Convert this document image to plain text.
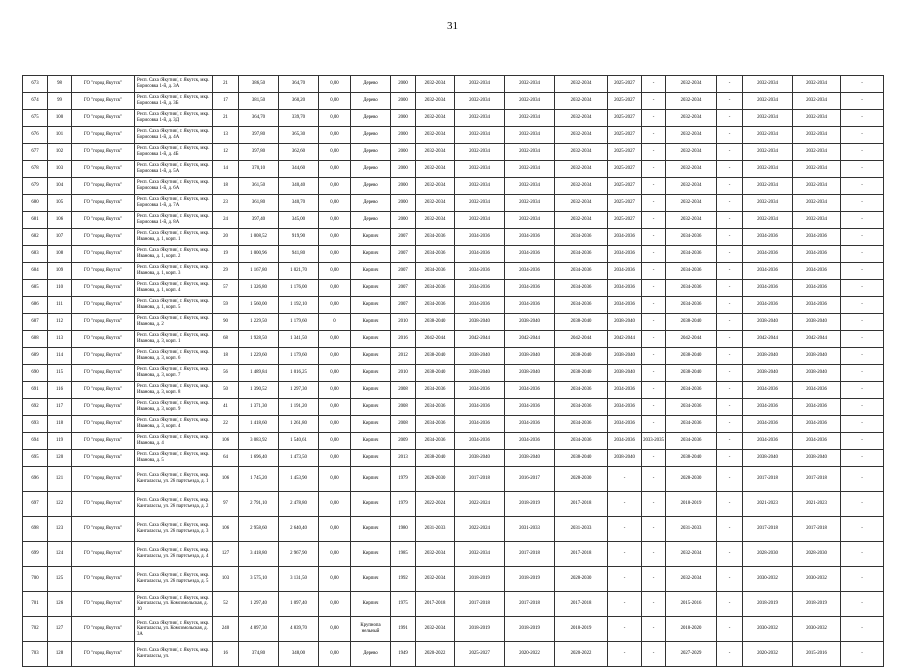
31
673	98	ГО "город Якутск"	Респ. Саха /Якутия/, г. Якутск, мкр. Борисовка 1-й, д. 3А	21	386,50	364,70	0,00	Дерево	2000	2032-2034	2032-2034	2032-2034	2032-2034	2025-2027	-	2032-2034	-	2032-2034	2032-2034	-
674	99	ГО "город Якутск"	Респ. Саха /Якутия/, г. Якутск, мкр. Борисовка 1-й, д. 3Б	17	381,50	360,20	0,00	Дерево	2000	2032-2034	2032-2034	2032-2034	2032-2034	2025-2027	-	2032-2034	-	2032-2034	2032-2034	-
675	100	ГО "город Якутск"	Респ. Саха /Якутия/, г. Якутск, мкр. Борисовка 1-й, д. 3Д	21	364,70	339,70	0,00	Дерево	2000	2032-2034	2032-2034	2032-2034	2032-2034	2025-2027	-	2032-2034	-	2032-2034	2032-2034	-
676	101	ГО "город Якутск"	Респ. Саха /Якутия/, г. Якутск, мкр. Борисовка 1-й, д. 4А	13	397,80	365,30	0,00	Дерево	2000	2032-2034	2032-2034	2032-2034	2032-2034	2025-2027	-	2032-2034	-	2032-2034	2032-2034	-
677	102	ГО "город Якутск"	Респ. Саха /Якутия/, г. Якутск, мкр. Борисовка 1-й, д. 4Б	12	397,80	362,60	0,00	Дерево	2000	2032-2034	2032-2034	2032-2034	2032-2034	2025-2027	-	2032-2034	-	2032-2034	2032-2034	-
678	103	ГО "город Якутск"	Респ. Саха /Якутия/, г. Якутск, мкр. Борисовка 1-й, д. 5А	14	370,10	344,60	0,00	Дерево	2000	2032-2034	2032-2034	2032-2034	2032-2034	2025-2027	-	2032-2034	-	2032-2034	2032-2034	-
679	104	ГО "город Якутск"	Респ. Саха /Якутия/, г. Якутск, мкр. Борисовка 1-й, д. 6А	18	361,50	340,40	0,00	Дерево	2000	2032-2034	2032-2034	2032-2034	2032-2034	2025-2027	-	2032-2034	-	2032-2034	2032-2034	-
680	105	ГО "город Якутск"	Респ. Саха /Якутия/, г. Якутск, мкр. Борисовка 1-й, д. 7А	23	361,80	340,70	0,00	Дерево	2000	2032-2034	2032-2034	2032-2034	2032-2034	2025-2027	-	2032-2034	-	2032-2034	2032-2034	-
681	106	ГО "город Якутск"	Респ. Саха /Якутия/, г. Якутск, мкр. Борисовка 1-й, д. 8А	24	397,40	345,00	0,00	Дерево	2000	2032-2034	2032-2034	2032-2034	2032-2034	2025-2027	-	2032-2034	-	2032-2034	2032-2034	-
682	107	ГО "город Якутск"	Респ. Саха /Якутия/, г. Якутск, мкр. Иванова, д. 1, корп. 1	20	1 008,52	919,90	0,00	Кирпич	2007	2034-2036	2034-2036	2034-2036	2034-2036	2034-2036	-	2034-2036	-	2034-2036	2034-2036	-
683	108	ГО "город Якутск"	Респ. Саха /Якутия/, г. Якутск, мкр. Иванова, д. 1, корп. 2	19	1 000,96	941,80	0,00	Кирпич	2007	2034-2036	2034-2036	2034-2036	2034-2036	2034-2036	-	2034-2036	-	2034-2036	2034-2036	-
684	109	ГО "город Якутск"	Респ. Саха /Якутия/, г. Якутск, мкр. Иванова, д. 1, корп. 3	29	1 167,80	1 021,70	0,00	Кирпич	2007	2034-2036	2034-2036	2034-2036	2034-2036	2034-2036	-	2034-2036	-	2034-2036	2034-2036	-
685	110	ГО "город Якутск"	Респ. Саха /Якутия/, г. Якутск, мкр. Иванова, д. 1, корп. 4	57	1 326,80	1 176,00	0,00	Кирпич	2007	2034-2036	2034-2036	2034-2036	2034-2036	2034-2036	-	2034-2036	-	2034-2036	2034-2036	-
686	111	ГО "город Якутск"	Респ. Саха /Якутия/, г. Якутск, мкр. Иванова, д. 1, корп. 5	59	1 560,00	1 192,10	0,00	Кирпич	2007	2034-2036	2034-2036	2034-2036	2034-2036	2034-2036	-	2034-2036	-	2034-2036	2034-2036	-
687	112	ГО "город Якутск"	Респ. Саха /Якутия/, г. Якутск, мкр. Иванова, д. 2	90	1 229,50	1 179,60	0	Кирпич	2010	2038-2040	2038-2040	2038-2040	2038-2040	2038-2040	-	2038-2040	-	2038-2040	2038-2040	-
688	113	ГО "город Якутск"	Респ. Саха /Якутия/, г. Якутск, мкр. Иванова, д. 3, корп. 1	68	1 928,50	1 341,50	0,00	Кирпич	2016	2042-2044	2042-2044	2042-2044	2042-2044	2042-2044	-	2042-2044	-	2042-2044	2042-2044	-
689	114	ГО "город Якутск"	Респ. Саха /Якутия/, г. Якутск, мкр. Иванова, д. 3, корп. 6	18	1 229,60	1 179,60	0,00	Кирпич	2012	2038-2040	2038-2040	2038-2040	2038-2040	2038-2040	-	2038-2040	-	2038-2040	2038-2040	-
690	115	ГО "город Якутск"	Респ. Саха /Якутия/, г. Якутск, мкр. Иванова, д. 3, корп. 7	56	1 489,84	1 016,25	0,00	Кирпич	2010	2038-2040	2038-2040	2038-2040	2038-2040	2038-2040	-	2038-2040	-	2038-2040	2038-2040	-
691	116	ГО "город Якутск"	Респ. Саха /Якутия/, г. Якутск, мкр. Иванова, д. 3, корп. 8	50	1 390,52	1 297,30	0,00	Кирпич	2008	2034-2036	2034-2036	2034-2036	2034-2036	2034-2036	-	2034-2036	-	2034-2036	2034-2036	-
692	117	ГО "город Якутск"	Респ. Саха /Якутия/, г. Якутск, мкр. Иванова, д. 3, корп. 9	41	1 371,30	1 191,20	0,00	Кирпич	2008	2034-2036	2034-2036	2034-2036	2034-2036	2034-2036	-	2034-2036	-	2034-2036	2034-2036	-
693	118	ГО "город Якутск"	Респ. Саха /Якутия/, г. Якутск, мкр. Иванова, д. 3, корп. 4	22	1 418,60	1 261,80	0,00	Кирпич	2008	2034-2036	2034-2036	2034-2036	2034-2036	2034-2036	-	2034-2036	-	2034-2036	2034-2036	-
694	119	ГО "город Якутск"	Респ. Саха /Якутия/, г. Якутск, мкр. Иванова, д. 4	106	3 083,92	1 540,61	0,00	Кирпич	2009	2034-2036	2034-2036	2034-2036	2034-2036	2034-2036	2033-2035	2034-2036	-	2034-2036	2034-2036	-
695	120	ГО "город Якутск"	Респ. Саха /Якутия/, г. Якутск, мкр. Иванова, д. 5	64	1 696,40	1 473,50	0,00	Кирпич	2013	2038-2040	2038-2040	2038-2040	2038-2040	2038-2040	-	2038-2040	-	2038-2040	2038-2040	-
696	121	ГО "город Якутск"	Респ. Саха /Якутия/, г. Якутск, мкр. Кангаласcы, ул. 26 партсъезда, д. 1	106	1 745,20	1 453,90	0,00	Кирпич	1979	2028-2030	2017-2018	2016-2017	2028-2030	-	-	2028-2030	-	2017-2018	2017-2018	-
697	122	ГО "город Якутск"	Респ. Саха /Якутия/, г. Якутск, мкр. Кангаласcы, ул. 26 партсъезда, д. 2	97	2 791,10	2 478,80	0,00	Кирпич	1979	2022-2024	2022-2024	2018-2019	2017-2018	-	-	2018-2019	-	2021-2023	2021-2023	-
698	123	ГО "город Якутск"	Респ. Саха /Якутия/, г. Якутск, мкр. Кангаласcы, ул. 26 партсъезда, д. 3	106	2 958,60	2 640,40	0,00	Кирпич	1980	2031-2033	2022-2024	2031-2033	2031-2033	-	-	2031-2033	-	2017-2018	2017-2018	-
699	124	ГО "город Якутск"	Респ. Саха /Якутия/, г. Якутск, мкр. Кангаласcы, ул. 26 партсъезда, д. 4	127	3 418,80	2 967,90	0,00	Кирпич	1985	2032-2034	2032-2034	2017-2018	2017-2018	-	-	2032-2034	-	2028-2030	2028-2030	-
700	125	ГО "город Якутск"	Респ. Саха /Якутия/, г. Якутск, мкр. Кангаласcы, ул. 26 партсъезда, д. 5	103	3 575,10	3 131,50	0,00	Кирпич	1992	2032-2034	2018-2019	2018-2019	2028-2030	-	-	2032-2034	-	2030-2032	2030-2032	-
701	126	ГО "город Якутск"	Респ. Саха /Якутия/, г. Якутск, мкр. Кангаласcы, ул. Комсомольская, д. 10	52	1 297,40	1 097,40	0,00	Кирпич	1975	2017-2018	2017-2018	2017-2018	2017-2018	-	-	2015-2016	-	2018-2019	2018-2019	-
702	127	ГО "город Якутск"	Респ. Саха /Якутия/, г. Якутск, мкр. Кангаласcы, ул. Комсомольская, д. 3А	240	4 897,30	4 839,70	0,00	Крупнопа нельный	1991	2032-2034	2018-2019	2018-2019	2018-2019	-	-	2018-2020	-	2030-2032	2030-2032	-
703	128	ГО "город Якутск"	Респ. Саха /Якутия/, г. Якутск, мкр. Кангаласcы, ул.	16	374,80	348,00	0,00	Дерево	1949	2020-2022	2025-2027	2020-2022	2020-2022	-	-	2027-2029	-	2020-2032	2015-2016	-
